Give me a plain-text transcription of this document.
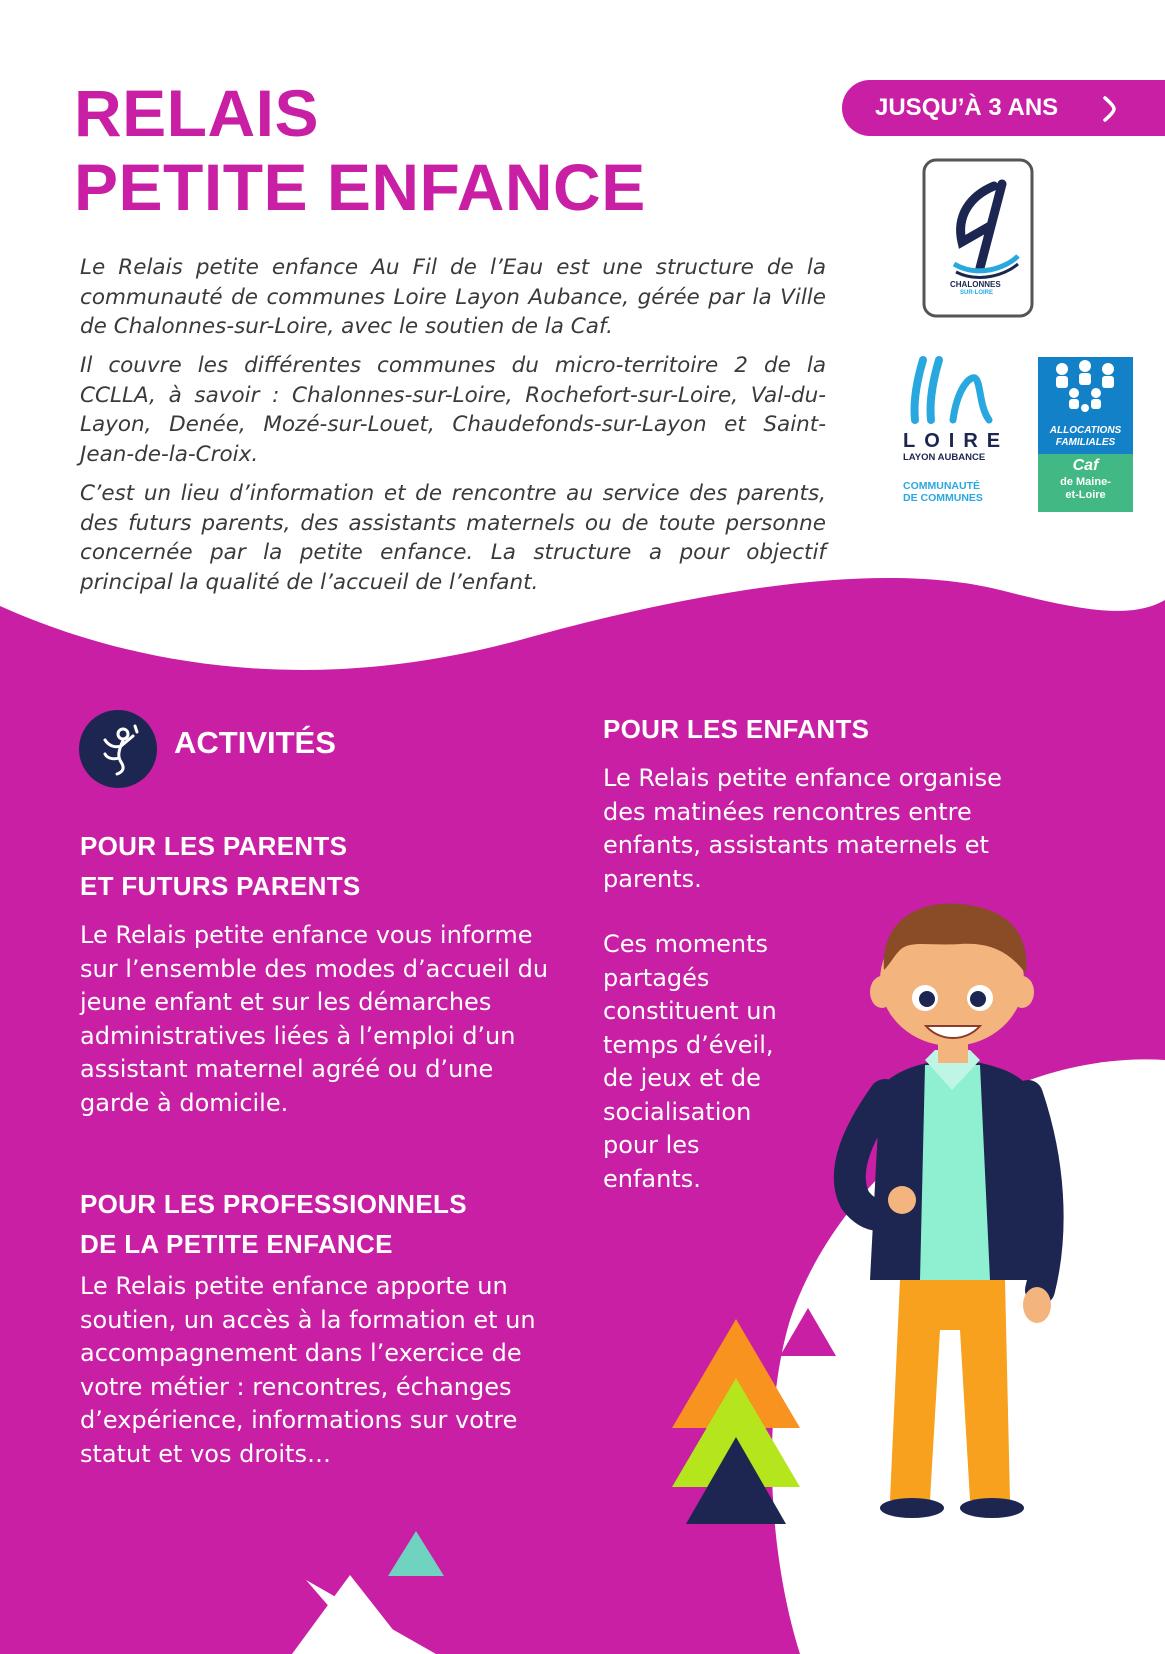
RELAIS
PETITE ENFANCE
JUSQU’À 3 ANS

Le Relais petite enfance Au Fil de l’Eau est une structure de la communauté de communes Loire Layon Aubance, gérée par la Ville de Chalonnes-sur-Loire, avec le soutien de la Caf.

Il couvre les différentes communes du micro-territoire 2 de la CCLLA, à savoir : Chalonnes-sur-Loire, Rochefort-sur-Loire, Val-du-Layon, Denée, Mozé-sur-Louet, Chaudefonds-sur-Layon et Saint-Jean-de-la-Croix.

C’est un lieu d’information et de rencontre au service des parents, des futurs parents, des assistants maternels ou de toute personne concernée par la petite enfance. La structure a pour objectif principal la qualité de l’accueil de l’enfant.

CHALONNES
SUR-LOIRE
LOIRE
LAYON AUBANCE
COMMUNAUTÉ
DE COMMUNES
ALLOCATIONS
FAMILIALES
Caf
de Maine-
et-Loire
ACTIVITÉS
POUR LES PARENTS
ET FUTURS PARENTS

Le Relais petite enfance vous informe sur l’ensemble des modes d’accueil du jeune enfant et sur les démarches administratives liées à l’emploi d’un assistant maternel agréé ou d’une garde à domicile.

POUR LES PROFESSIONNELS
DE LA PETITE ENFANCE

Le Relais petite enfance apporte un soutien, un accès à la formation et un accompagnement dans l’exercice de votre métier : rencontres, échanges d’expérience, informations sur votre statut et vos droits…

POUR LES ENFANTS

Le Relais petite enfance organise des matinées rencontres entre enfants, assistants maternels et parents.

Ces moments partagés constituent un temps d’éveil, de jeux et de socialisation pour les enfants.
